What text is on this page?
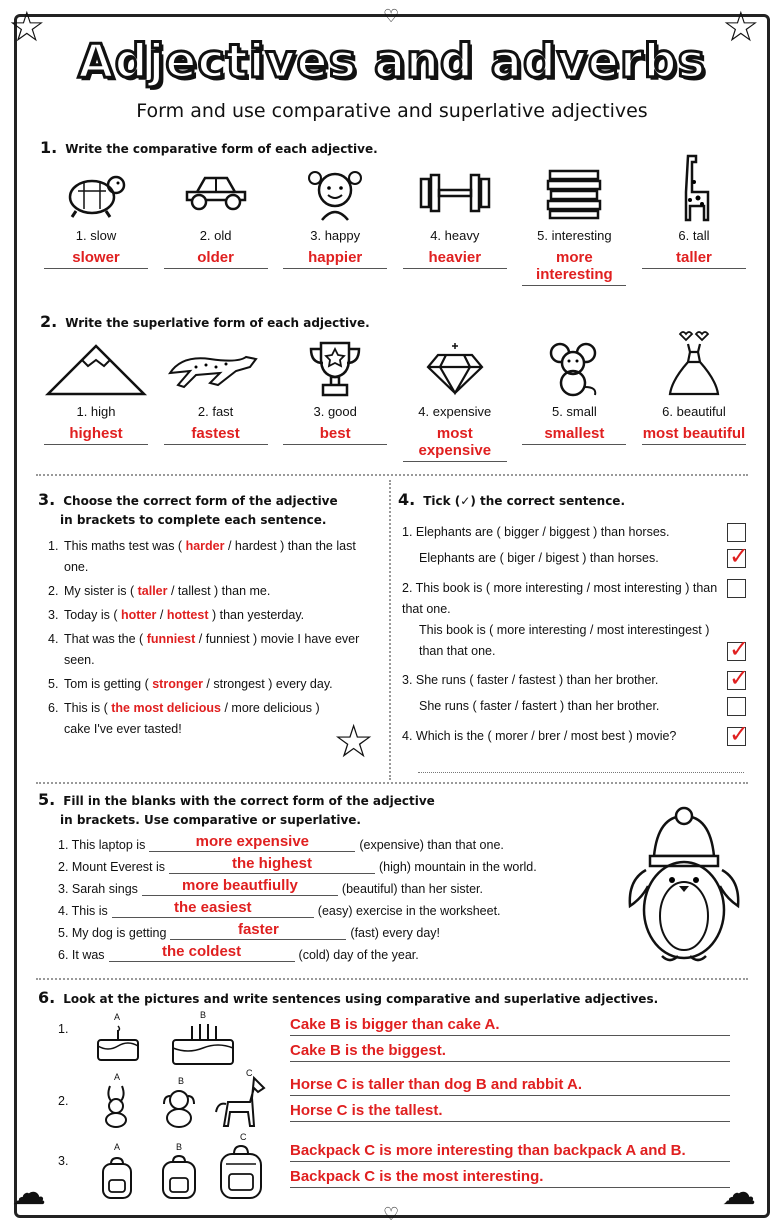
☆	☆
☁	☁
♡
♡
Adjectives and adverbs
Form and use comparative and superlative adjectives
1. Write the comparative form of each adjective.
1. slow
slower
2. old
older
3. happy
happier
4. heavy
heavier
5. interesting
more interesting
6. tall
taller
2. Write the superlative form of each adjective.
1. high
highest
2. fast
fastest
3. good
best
4. expensive
most expensive
5. small
smallest
6. beautiful
most beautiful
3. Choose the correct form of the adjective
in brackets to complete each sentence.
1. This maths test was ( harder / hardest ) than the last one.
2. My sister is ( taller / tallest ) than me.
3. Today is ( hotter / hottest ) than yesterday.
4. That was the ( funniest / funniest ) movie I have ever seen.
5. Tom is getting ( stronger / strongest ) every day.
6. This is ( the most delicious / more delicious ) cake I've ever tasted!	☆
4. Tick (✓) the correct sentence.
1. Elephants are ( bigger / biggest ) than horses.
Elephants are ( biger / bigest ) than horses.	✓
2. This book is ( more interesting / most interesting ) than that one.
This book is ( more interesting / most interestingest ) than that one.	✓
3. She runs ( faster / fastest ) than her brother.	✓
She runs ( faster / fastert ) than her brother.
4. Which is the ( morer / brer / most best ) movie?	✓
5. Fill in the blanks with the correct form of the adjective
in brackets. Use comparative or superlative.
1. This laptop is	more expensive	(expensive) than that one.
2. Mount Everest is	the highest	(high) mountain in the world.
3. Sarah sings	more beautfiully	(beautiful) than her sister.
4. This is	the easiest	(easy) exercise in the worksheet.
5. My dog is getting	faster	(fast) every day!
6. It was	the coldest	(cold) day of the year.
6. Look at the pictures and write sentences using comparative and superlative adjectives.
1.
A	B
Cake B is bigger than cake A.
Cake B is the biggest.
2.
A	B
C
Horse C is taller than dog B and rabbit A.
Horse C is the tallest.
3.
A	B
C
Backpack C is more interesting than backpack A and B.
Backpack C is the most interesting.
